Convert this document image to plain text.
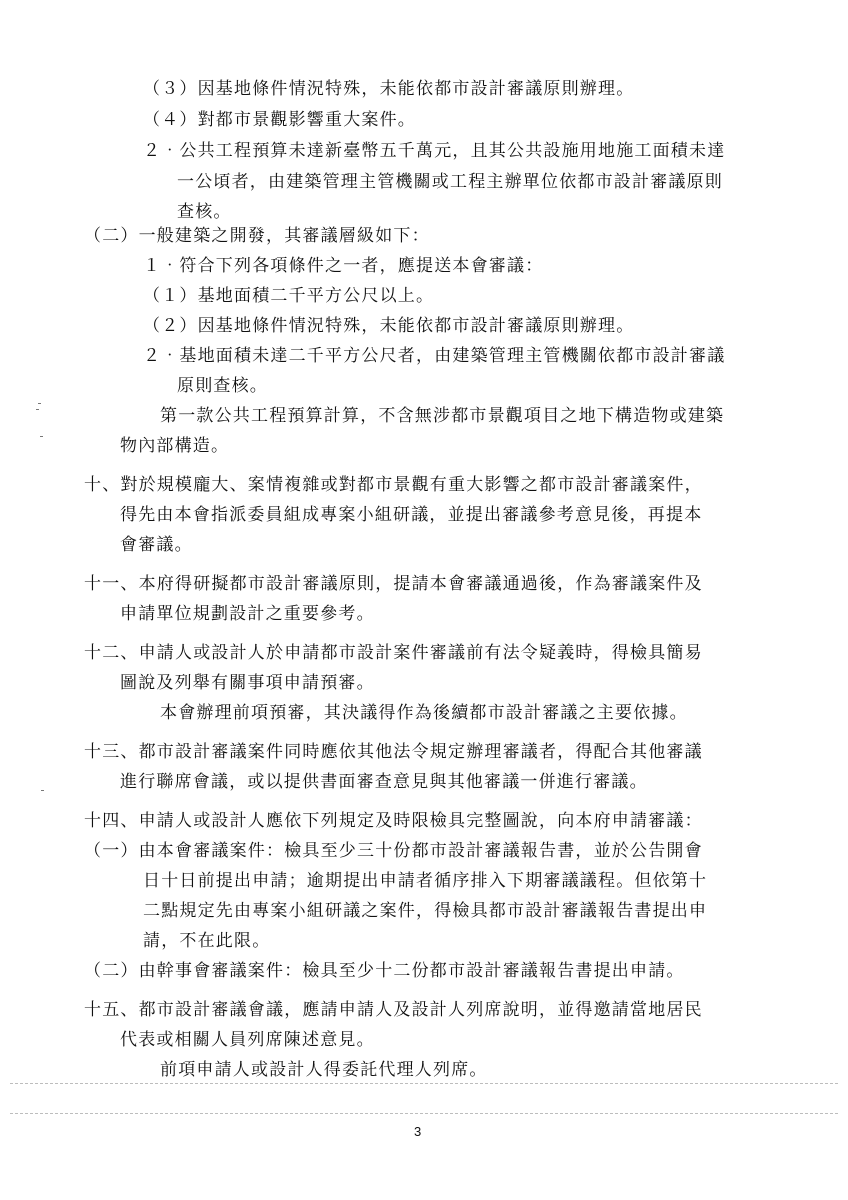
（３）因基地條件情況特殊，未能依都市設計審議原則辦理。
（４）對都市景觀影響重大案件。
２‧公共工程預算未達新臺幣五千萬元，且其公共設施用地施工面積未達
一公頃者，由建築管理主管機關或工程主辦單位依都市設計審議原則
查核。
（二）一般建築之開發，其審議層級如下：
１‧符合下列各項條件之一者，應提送本會審議：
（１）基地面積二千平方公尺以上。
（２）因基地條件情況特殊，未能依都市設計審議原則辦理。
２‧基地面積未達二千平方公尺者，由建築管理主管機關依都市設計審議
原則查核。
第一款公共工程預算計算，不含無涉都市景觀項目之地下構造物或建築
物內部構造。
十、對於規模龐大、案情複雜或對都市景觀有重大影響之都市設計審議案件，
得先由本會指派委員組成專案小組研議，並提出審議參考意見後，再提本
會審議。
十一、本府得研擬都市設計審議原則，提請本會審議通過後，作為審議案件及
申請單位規劃設計之重要參考。
十二、申請人或設計人於申請都市設計案件審議前有法令疑義時，得檢具簡易
圖說及列舉有關事項申請預審。
本會辦理前項預審，其決議得作為後續都市設計審議之主要依據。
十三、都市設計審議案件同時應依其他法令規定辦理審議者，得配合其他審議
進行聯席會議，或以提供書面審查意見與其他審議一併進行審議。
十四、申請人或設計人應依下列規定及時限檢具完整圖說，向本府申請審議：
（一）由本會審議案件：檢具至少三十份都市設計審議報告書，並於公告開會
日十日前提出申請；逾期提出申請者循序排入下期審議議程。但依第十
二點規定先由專案小組研議之案件，得檢具都市設計審議報告書提出申
請，不在此限。
（二）由幹事會審議案件：檢具至少十二份都市設計審議報告書提出申請。
十五、都市設計審議會議，應請申請人及設計人列席說明，並得邀請當地居民
代表或相關人員列席陳述意見。
前項申請人或設計人得委託代理人列席。
3
